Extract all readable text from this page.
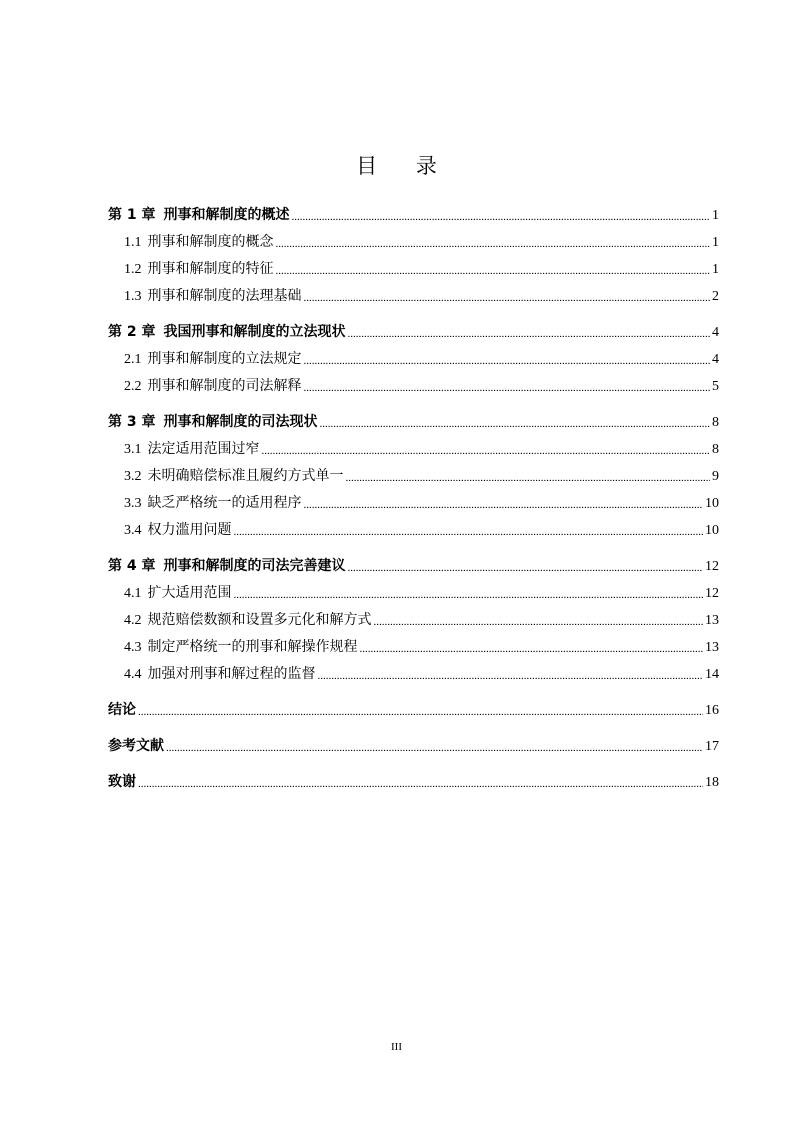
目 录
第 1 章 刑事和解制度的概述 .....	1
1.1 刑事和解制度的概念 .....	1
1.2 刑事和解制度的特征 .....	1
1.3 刑事和解制度的法理基础 .....	2
第 2 章 我国刑事和解制度的立法现状 .....	4
2.1 刑事和解制度的立法规定 .....	4
2.2 刑事和解制度的司法解释 .....	5
第 3 章 刑事和解制度的司法现状 .....	8
3.1 法定适用范围过窄 .....	8
3.2 未明确赔偿标准且履约方式单一 .....	9
3.3 缺乏严格统一的适用程序 .....	10
3.4 权力滥用问题 .....	10
第 4 章 刑事和解制度的司法完善建议 .....	12
4.1 扩大适用范围 .....	12
4.2 规范赔偿数额和设置多元化和解方式 .....	13
4.3 制定严格统一的刑事和解操作规程 .....	13
4.4 加强对刑事和解过程的监督 .....	14
结论 .....	16
参考文献 .....	17
致谢 .....	18
III
